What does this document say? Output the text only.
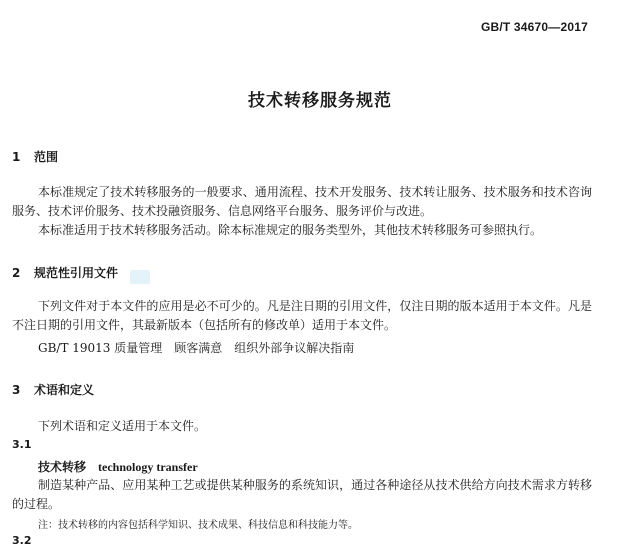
GB/T 34670—2017
技术转移服务规范
1 范围

本标准规定了技术转移服务的一般要求、通用流程、技术开发服务、技术转让服务、技术服务和技术咨询服务、技术评价服务、技术投融资服务、信息网络平台服务、服务评价与改进。

本标准适用于技术转移服务活动。除本标准规定的服务类型外，其他技术转移服务可参照执行。

2 规范性引用文件

下列文件对于本文件的应用是必不可少的。凡是注日期的引用文件，仅注日期的版本适用于本文件。凡是不注日期的引用文件，其最新版本（包括所有的修改单）适用于本文件。

GB/T 19013 质量管理 顾客满意 组织外部争议解决指南
3 术语和定义
下列术语和定义适用于本文件。
3.1
技术转移 technology transfer

制造某种产品、应用某种工艺或提供某种服务的系统知识，通过各种途径从技术供给方向技术需求方转移的过程。

注：技术转移的内容包括科学知识、技术成果、科技信息和科技能力等。
3.2
